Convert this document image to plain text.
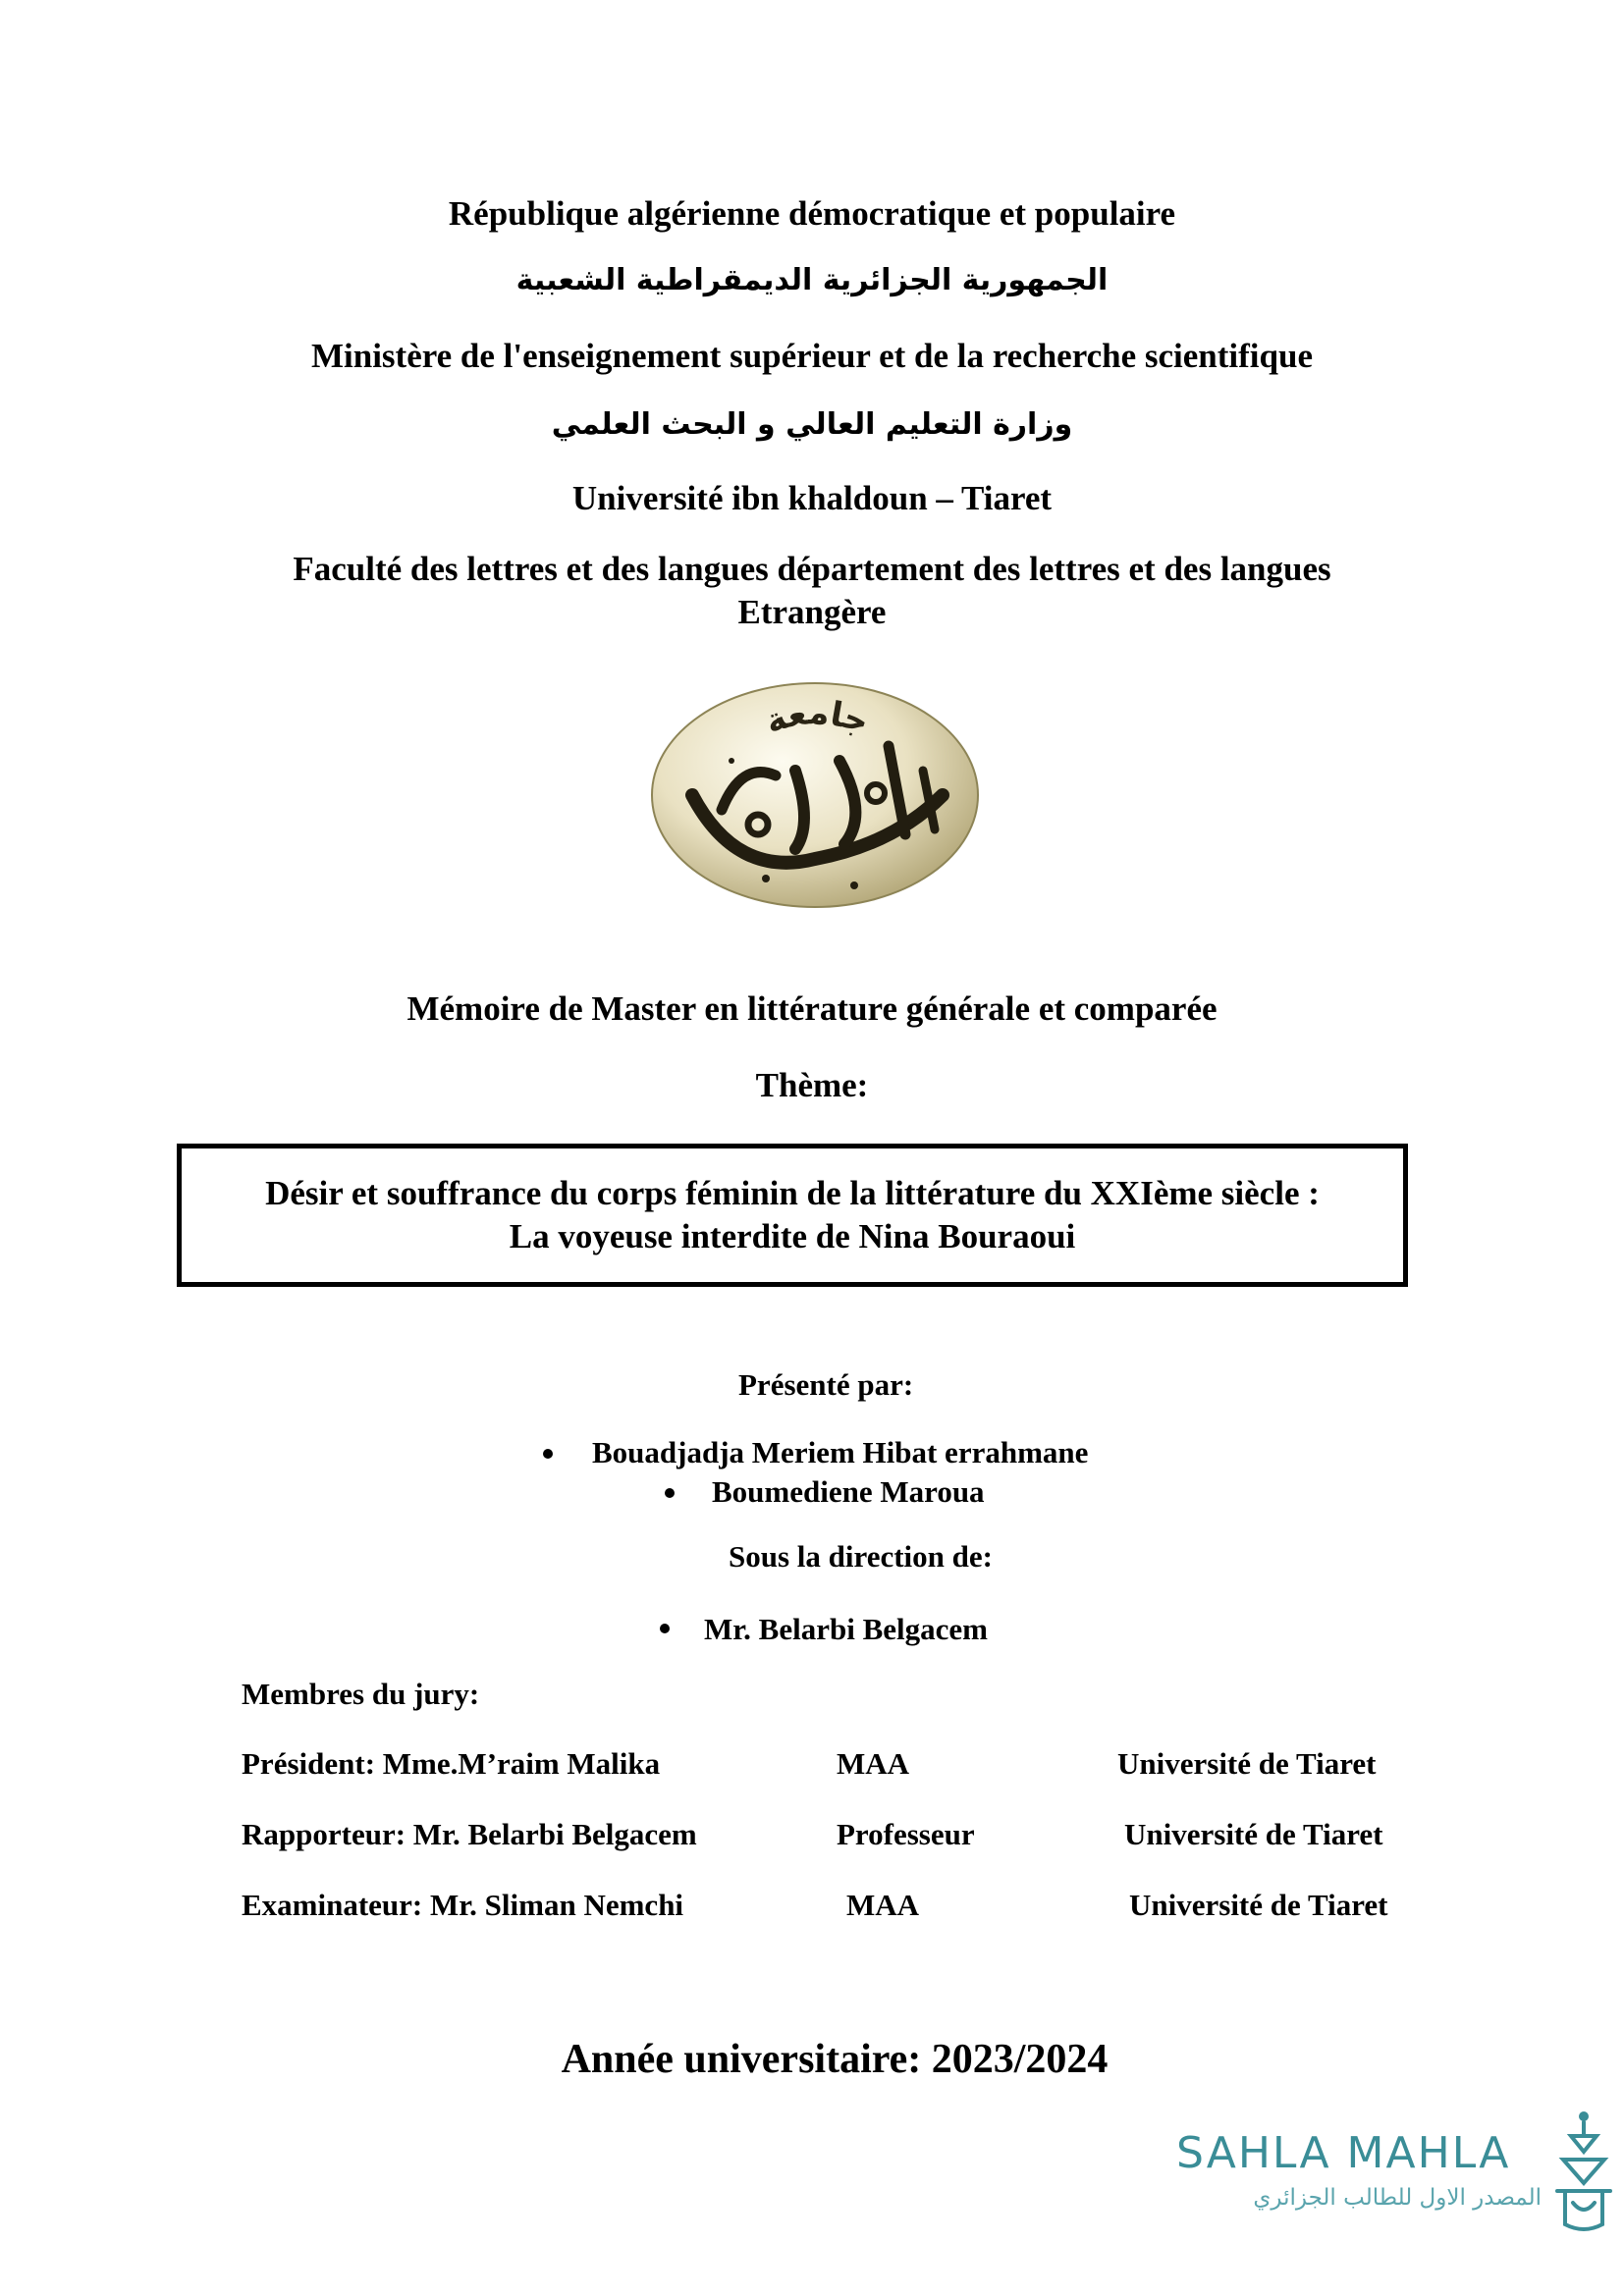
République algérienne démocratique et populaire
الجمهورية الجزائرية الديمقراطية الشعبية
Ministère de l'enseignement supérieur et de la recherche scientifique
وزارة التعليم العالي و البحث العلمي
Université ibn khaldoun – Tiaret
Faculté des lettres et des langues département des lettres et des langues
Etrangère
جامعة
Mémoire de Master en littérature générale et comparée
Thème:
Désir et souffrance du corps féminin de la littérature du XXIème siècle :
La voyeuse interdite de Nina Bouraoui
Présenté par:
Bouadjadja Meriem Hibat errahmane
Boumediene Maroua
Sous la direction de:
Mr. Belarbi Belgacem
Membres du jury:
Président: Mme.M’raim Malika	MAA	Université de Tiaret
Rapporteur: Mr. Belarbi Belgacem	Professeur	Université de Tiaret
Examinateur: Mr. Sliman Nemchi	MAA	Université de Tiaret
Année universitaire: 2023/2024
SAHLA MAHLA
المصدر الاول للطالب الجزائري
